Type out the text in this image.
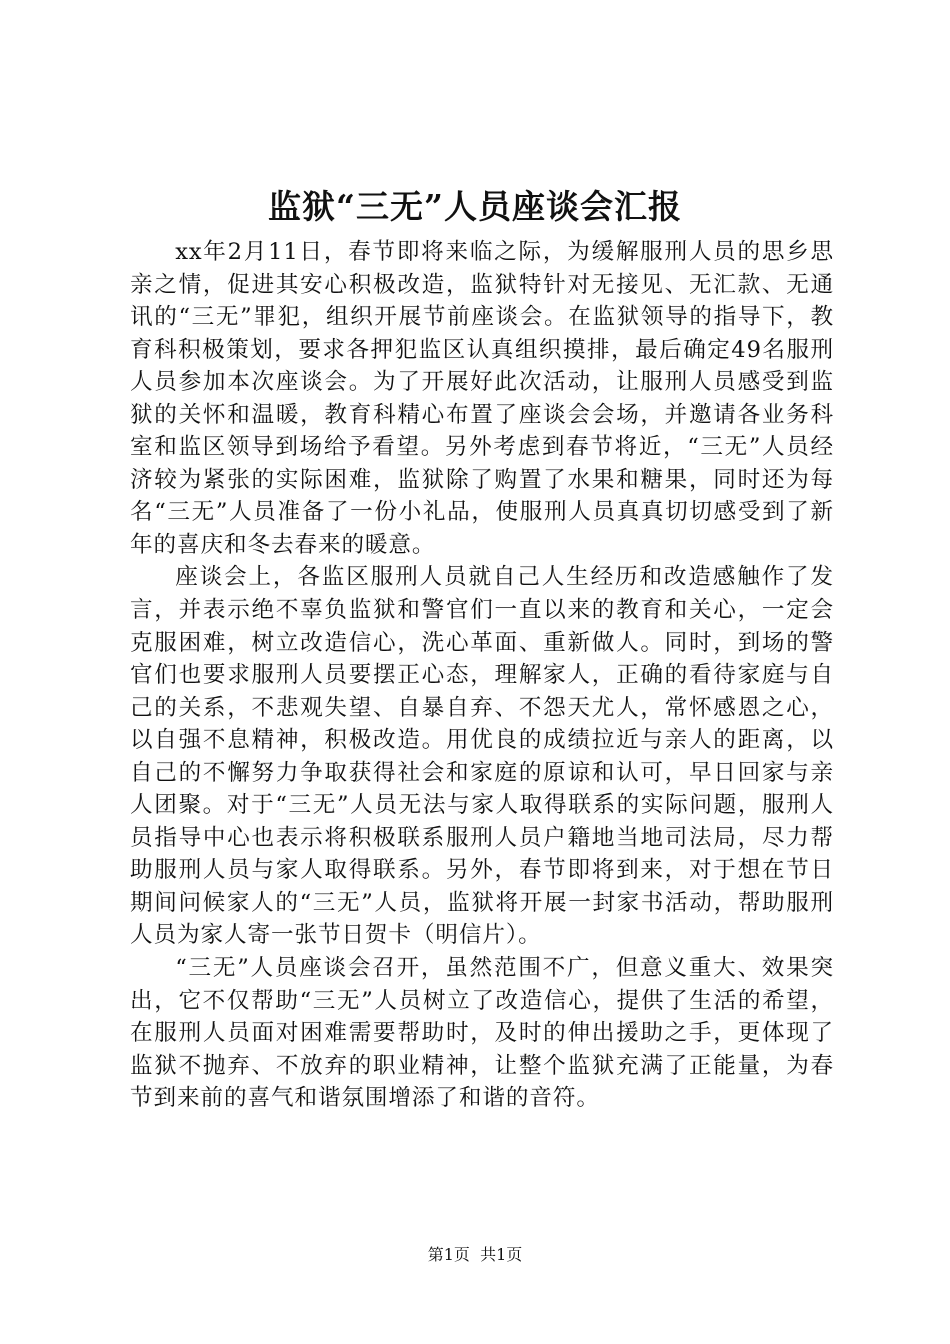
监狱“三无”人员座谈会汇报

xx年2月11日，春节即将来临之际，为缓解服刑人员的思乡思亲之情，促进其安心积极改造，监狱特针对无接见、无汇款、无通讯的“三无”罪犯，组织开展节前座谈会。在监狱领导的指导下，教育科积极策划，要求各押犯监区认真组织摸排，最后确定49名服刑人员参加本次座谈会。为了开展好此次活动，让服刑人员感受到监狱的关怀和温暖，教育科精心布置了座谈会会场，并邀请各业务科室和监区领导到场给予看望。另外考虑到春节将近，“三无”人员经济较为紧张的实际困难，监狱除了购置了水果和糖果，同时还为每名“三无”人员准备了一份小礼品，使服刑人员真真切切感受到了新年的喜庆和冬去春来的暖意。

座谈会上，各监区服刑人员就自己人生经历和改造感触作了发言，并表示绝不辜负监狱和警官们一直以来的教育和关心，一定会克服困难，树立改造信心，洗心革面、重新做人。同时，到场的警官们也要求服刑人员要摆正心态，理解家人，正确的看待家庭与自己的关系，不悲观失望、自暴自弃、不怨天尤人，常怀感恩之心，以自强不息精神，积极改造。用优良的成绩拉近与亲人的距离，以自己的不懈努力争取获得社会和家庭的原谅和认可，早日回家与亲人团聚。对于“三无”人员无法与家人取得联系的实际问题，服刑人员指导中心也表示将积极联系服刑人员户籍地当地司法局，尽力帮助服刑人员与家人取得联系。另外，春节即将到来，对于想在节日期间问候家人的“三无”人员，监狱将开展一封家书活动，帮助服刑人员为家人寄一张节日贺卡（明信片）。

“三无”人员座谈会召开，虽然范围不广，但意义重大、效果突出，它不仅帮助“三无”人员树立了改造信心，提供了生活的希望，在服刑人员面对困难需要帮助时，及时的伸出援助之手，更体现了监狱不抛弃、不放弃的职业精神，让整个监狱充满了正能量，为春节到来前的喜气和谐氛围增添了和谐的音符。

第1页 共1页
